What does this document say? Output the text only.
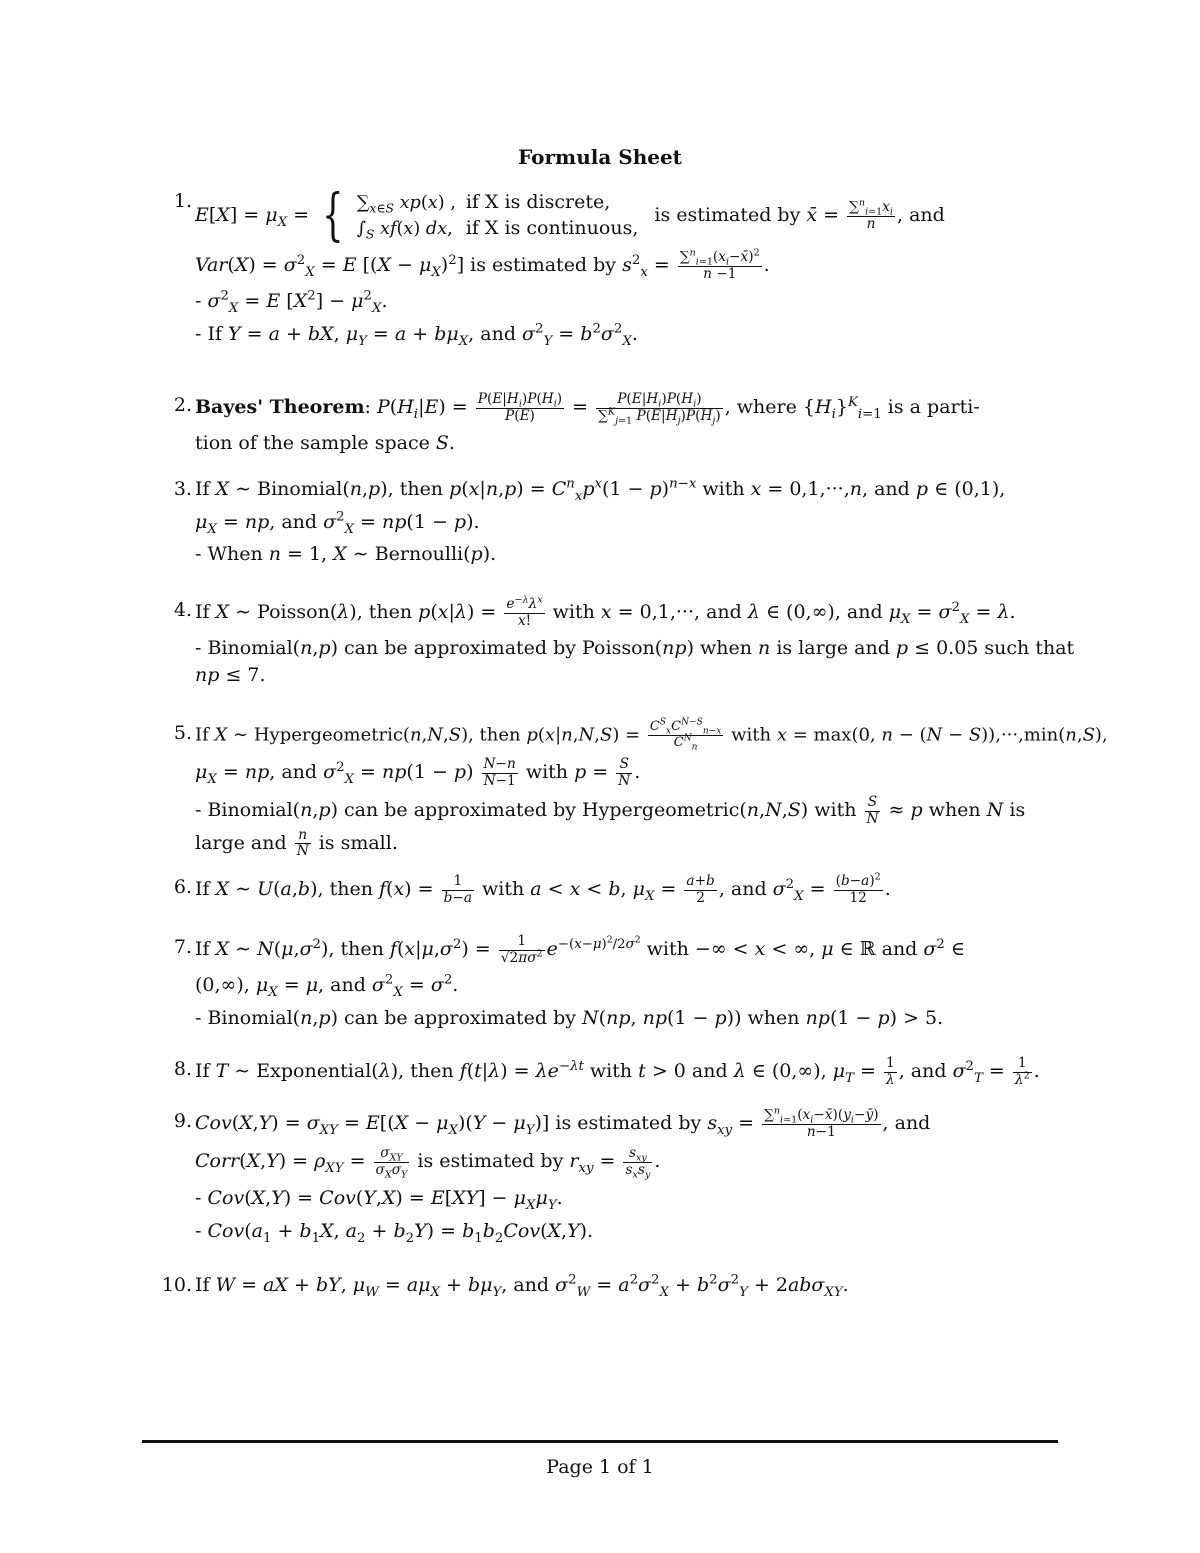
Formula Sheet
1.
$E[X] = \mu_X$ = { $\sum_{x\in S}$ xp(x) ,	if X is discrete,
$\int_S$ xf(x) dx,	if X is continuous,
is estimated by x̄ = $\frac{\sum^n_{i=1}x_i}{n}$ , and
$Var(X) = \sigma^2_X = E$ $[(X - \mu_X)^2]$ is estimated by $s^2_x = \frac{\sum^n_{i=1}(x_i-x̄)^2}{n -1}$ .
- $\sigma^2_X = E$ $[X^2] - \mu^2_X$.
- If Y = a + bX, $\mu_Y = a + b\mu_X$, and $\sigma^2_Y = b^2\sigma^2_X$.
2. Bayes' Theorem: $P(H_i|E) = \frac{P(E|H_i)P(H_i)}{P(E)} = \frac{P(E|H_i)P(H_i)}{\sum^K_{j=1} P(E|H_j)P(H_j)}$ , where $\{H_i\}^K_{i=1}$ is a parti-
tion of the sample space S.
3. If X ∼ Binomial(n,p), then $p(x|n,p) = C^n_xp^x(1 - p)^{n-x}$ with x = 0,1,···,n, and p ∈ (0,1),
$\mu_X$ = np, and $\sigma^2_X = np(1 - p)$.
- When n = 1, X ∼ Bernoulli(p).
4. If X ∼ Poisson(λ), then $p(x|\lambda) = \frac{e^{-\lambda}\lambda^x}{x!}$ with x = 0,1,···, and λ ∈ (0,∞), and $\mu_X = \sigma^2_X = \lambda$.
- Binomial(n,p) can be approximated by Poisson(np) when n is large and p ≤ 0.05 such that
np ≤ 7.
5. If X ∼ Hypergeometric(n,N,S), then $p(x|n,N,S) = \frac{C^S_xC^{N-S}_{n-x}}{C^N_n}$ with x = max(0, n − (N − S)),···,min(n,S),
$\mu_X$ = np, and $\sigma^2_X = np(1 - p) \frac{N-n}{N-1}$ with $p = \frac{S}{N}$ .
- Binomial(n,p) can be approximated by Hypergeometric(n,N,S) with $\frac{S}{N} \approx p$ when N is
large and $\frac{n}{N}$ is small.
6. If X ∼ U(a,b), then $f(x) = \frac{1}{b-a}$ with a < x < b, $\mu_X = \frac{a+b}{2}$ , and $\sigma^2_X = \frac{(b-a)^2}{12}$ .
7. If X ∼ $N(\mu,\sigma^2)$, then $f(x|\mu,\sigma^2) = \frac{1}{√2\pi\sigma^2} e^{-(x-\mu)^2/2\sigma^2}$ with −∞ < x < ∞, μ ∈ ℝ and $\sigma^2$ ∈
(0,∞), $\mu_X = \mu$, and $\sigma^2_X = \sigma^2$.
- Binomial(n,p) can be approximated by N(np, np(1 − p)) when np(1 − p) > 5.
8. If T ∼ Exponential(λ), then $f(t|\lambda) = \lambda e^{-\lambda t}$ with t > 0 and λ ∈ (0,∞), $\mu_T = \frac{1}{\lambda}$ , and $\sigma^2_T = \frac{1}{\lambda^2}$ .
9. $Cov(X,Y) = \sigma_{XY} = E[(X - \mu_X)(Y - \mu_Y)]$ is estimated by $s_{xy} = \frac{\sum^n_{i=1}(x_i-x̄)(y_i-ȳ)}{n-1}$ , and
Corr(X,Y) = $\rho_{XY} = \frac{\sigma_{XY}}{\sigma_X\sigma_Y}$ is estimated by $r_{xy} = \frac{s_{xy}}{s_xs_y}$ .
- $Cov(X,Y) = Cov(Y,X) = E[XY] - \mu_X\mu_Y$.
- $Cov(a_1 + b_1X$, $a_2 + b_2Y) = b_1b_2Cov(X,Y)$.
10. If W = aX + bY, $\mu_W = a\mu_X + b\mu_Y$, and $\sigma^2_W = a^2\sigma^2_X + b^2\sigma^2_Y + 2ab\sigma_{XY}$.
Page 1 of 1
